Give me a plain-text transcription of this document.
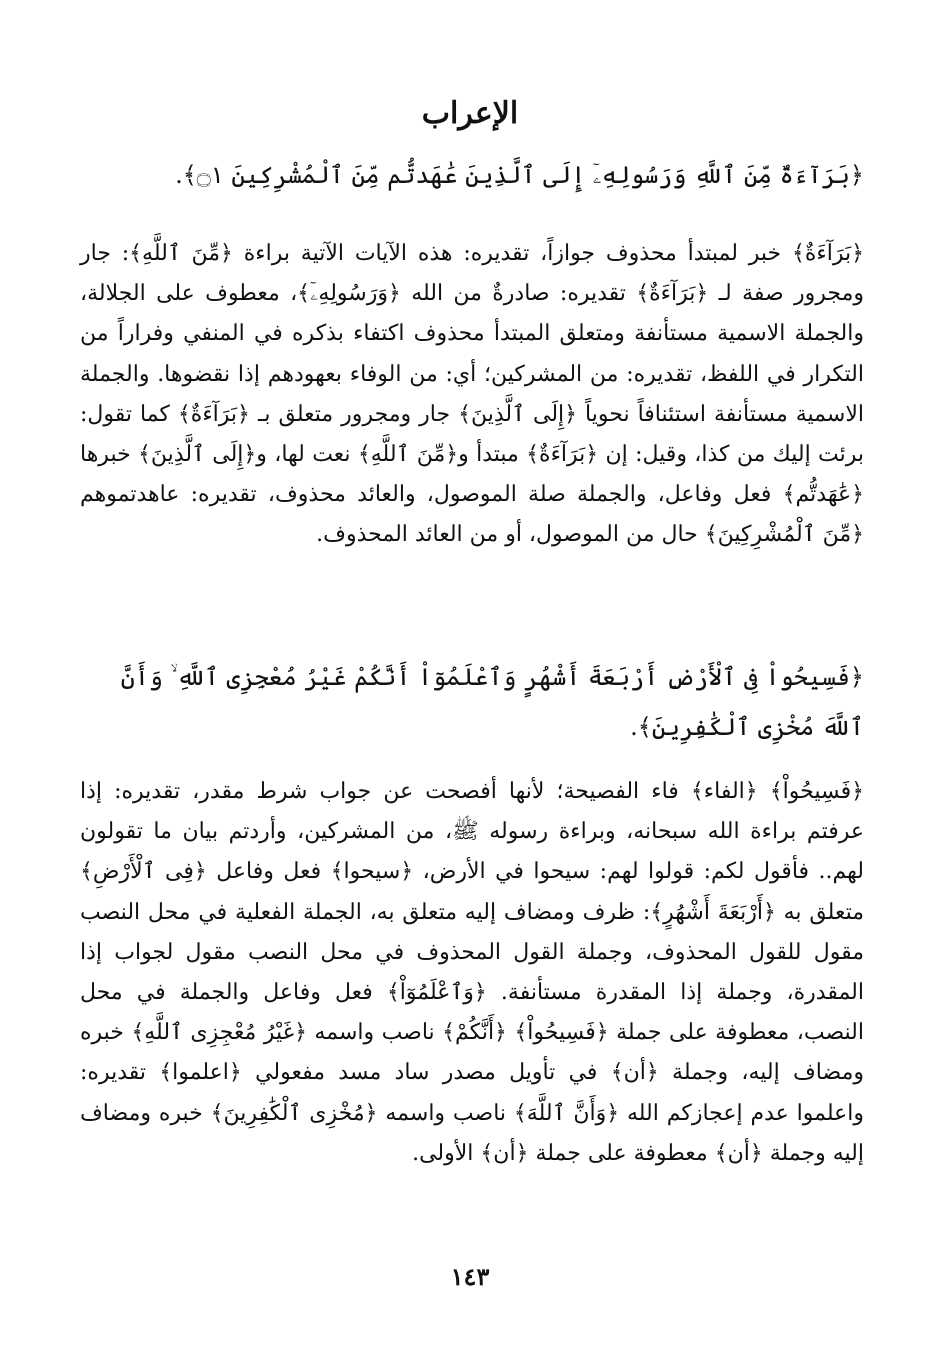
الإعراب

﴿بَرَآءَةٌ مِّنَ ٱللَّهِ وَرَسُولِهِۦٓ إِلَى ٱلَّذِينَ عَٰهَدتُّم مِّنَ ٱلْمُشْرِكِينَ ۝١﴾.

﴿بَرَآءَةٌ﴾ خبر لمبتدأ محذوف جوازاً، تقديره: هذه الآيات الآتية براءة ﴿مِّنَ ٱللَّهِ﴾: جار ومجرور صفة لـ ﴿بَرَآءَةٌ﴾ تقديره: صادرةٌ من الله ﴿وَرَسُولِهِۦٓ﴾، معطوف على الجلالة، والجملة الاسمية مستأنفة ومتعلق المبتدأ محذوف اكتفاء بذكره في المنفي وفراراً من التكرار في اللفظ، تقديره: من المشركين؛ أي: من الوفاء بعهودهم إذا نقضوها. والجملة الاسمية مستأنفة استئنافاً نحوياً ﴿إِلَى ٱلَّذِينَ﴾ جار ومجرور متعلق بـ ﴿بَرَآءَةٌ﴾ كما تقول: برئت إليك من كذا، وقيل: إن ﴿بَرَآءَةٌ﴾ مبتدأ و﴿مِّنَ ٱللَّهِ﴾ نعت لها، و﴿إِلَى ٱلَّذِينَ﴾ خبرها ﴿عَٰهَدتُّم﴾ فعل وفاعل، والجملة صلة الموصول، والعائد محذوف، تقديره: عاهدتموهم ﴿مِّنَ ٱلْمُشْرِكِينَ﴾ حال من الموصول، أو من العائد المحذوف.

﴿فَسِيحُواْ فِى ٱلْأَرْضِ أَرْبَعَةَ أَشْهُرٍ وَٱعْلَمُوٓاْ أَنَّكُمْ غَيْرُ مُعْجِزِى ٱللَّهِ ۙ وَأَنَّ ٱللَّهَ مُخْزِى ٱلْكَٰفِرِينَ﴾.

﴿فَسِيحُواْ﴾ ﴿الفاء﴾ فاء الفصيحة؛ لأنها أفصحت عن جواب شرط مقدر، تقديره: إذا عرفتم براءة الله سبحانه، وبراءة رسوله ﷺ، من المشركين، وأردتم بيان ما تقولون لهم.. فأقول لكم: قولوا لهم: سيحوا في الأرض، ﴿سيحوا﴾ فعل وفاعل ﴿فِى ٱلْأَرْضِ﴾ متعلق به ﴿أَرْبَعَةَ أَشْهُرٍ﴾: ظرف ومضاف إليه متعلق به، الجملة الفعلية في محل النصب مقول للقول المحذوف، وجملة القول المحذوف في محل النصب مقول لجواب إذا المقدرة، وجملة إذا المقدرة مستأنفة. ﴿وَٱعْلَمُوٓاْ﴾ فعل وفاعل والجملة في محل النصب، معطوفة على جملة ﴿فَسِيحُواْ﴾ ﴿أَنَّكُمْ﴾ ناصب واسمه ﴿غَيْرُ مُعْجِزِى ٱللَّهِ﴾ خبره ومضاف إليه، وجملة ﴿أن﴾ في تأويل مصدر ساد مسد مفعولي ﴿اعلموا﴾ تقديره: واعلموا عدم إعجازكم الله ﴿وَأَنَّ ٱللَّهَ﴾ ناصب واسمه ﴿مُخْزِى ٱلْكَٰفِرِينَ﴾ خبره ومضاف إليه وجملة ﴿أن﴾ معطوفة على جملة ﴿أن﴾ الأولى.

١٤٣
